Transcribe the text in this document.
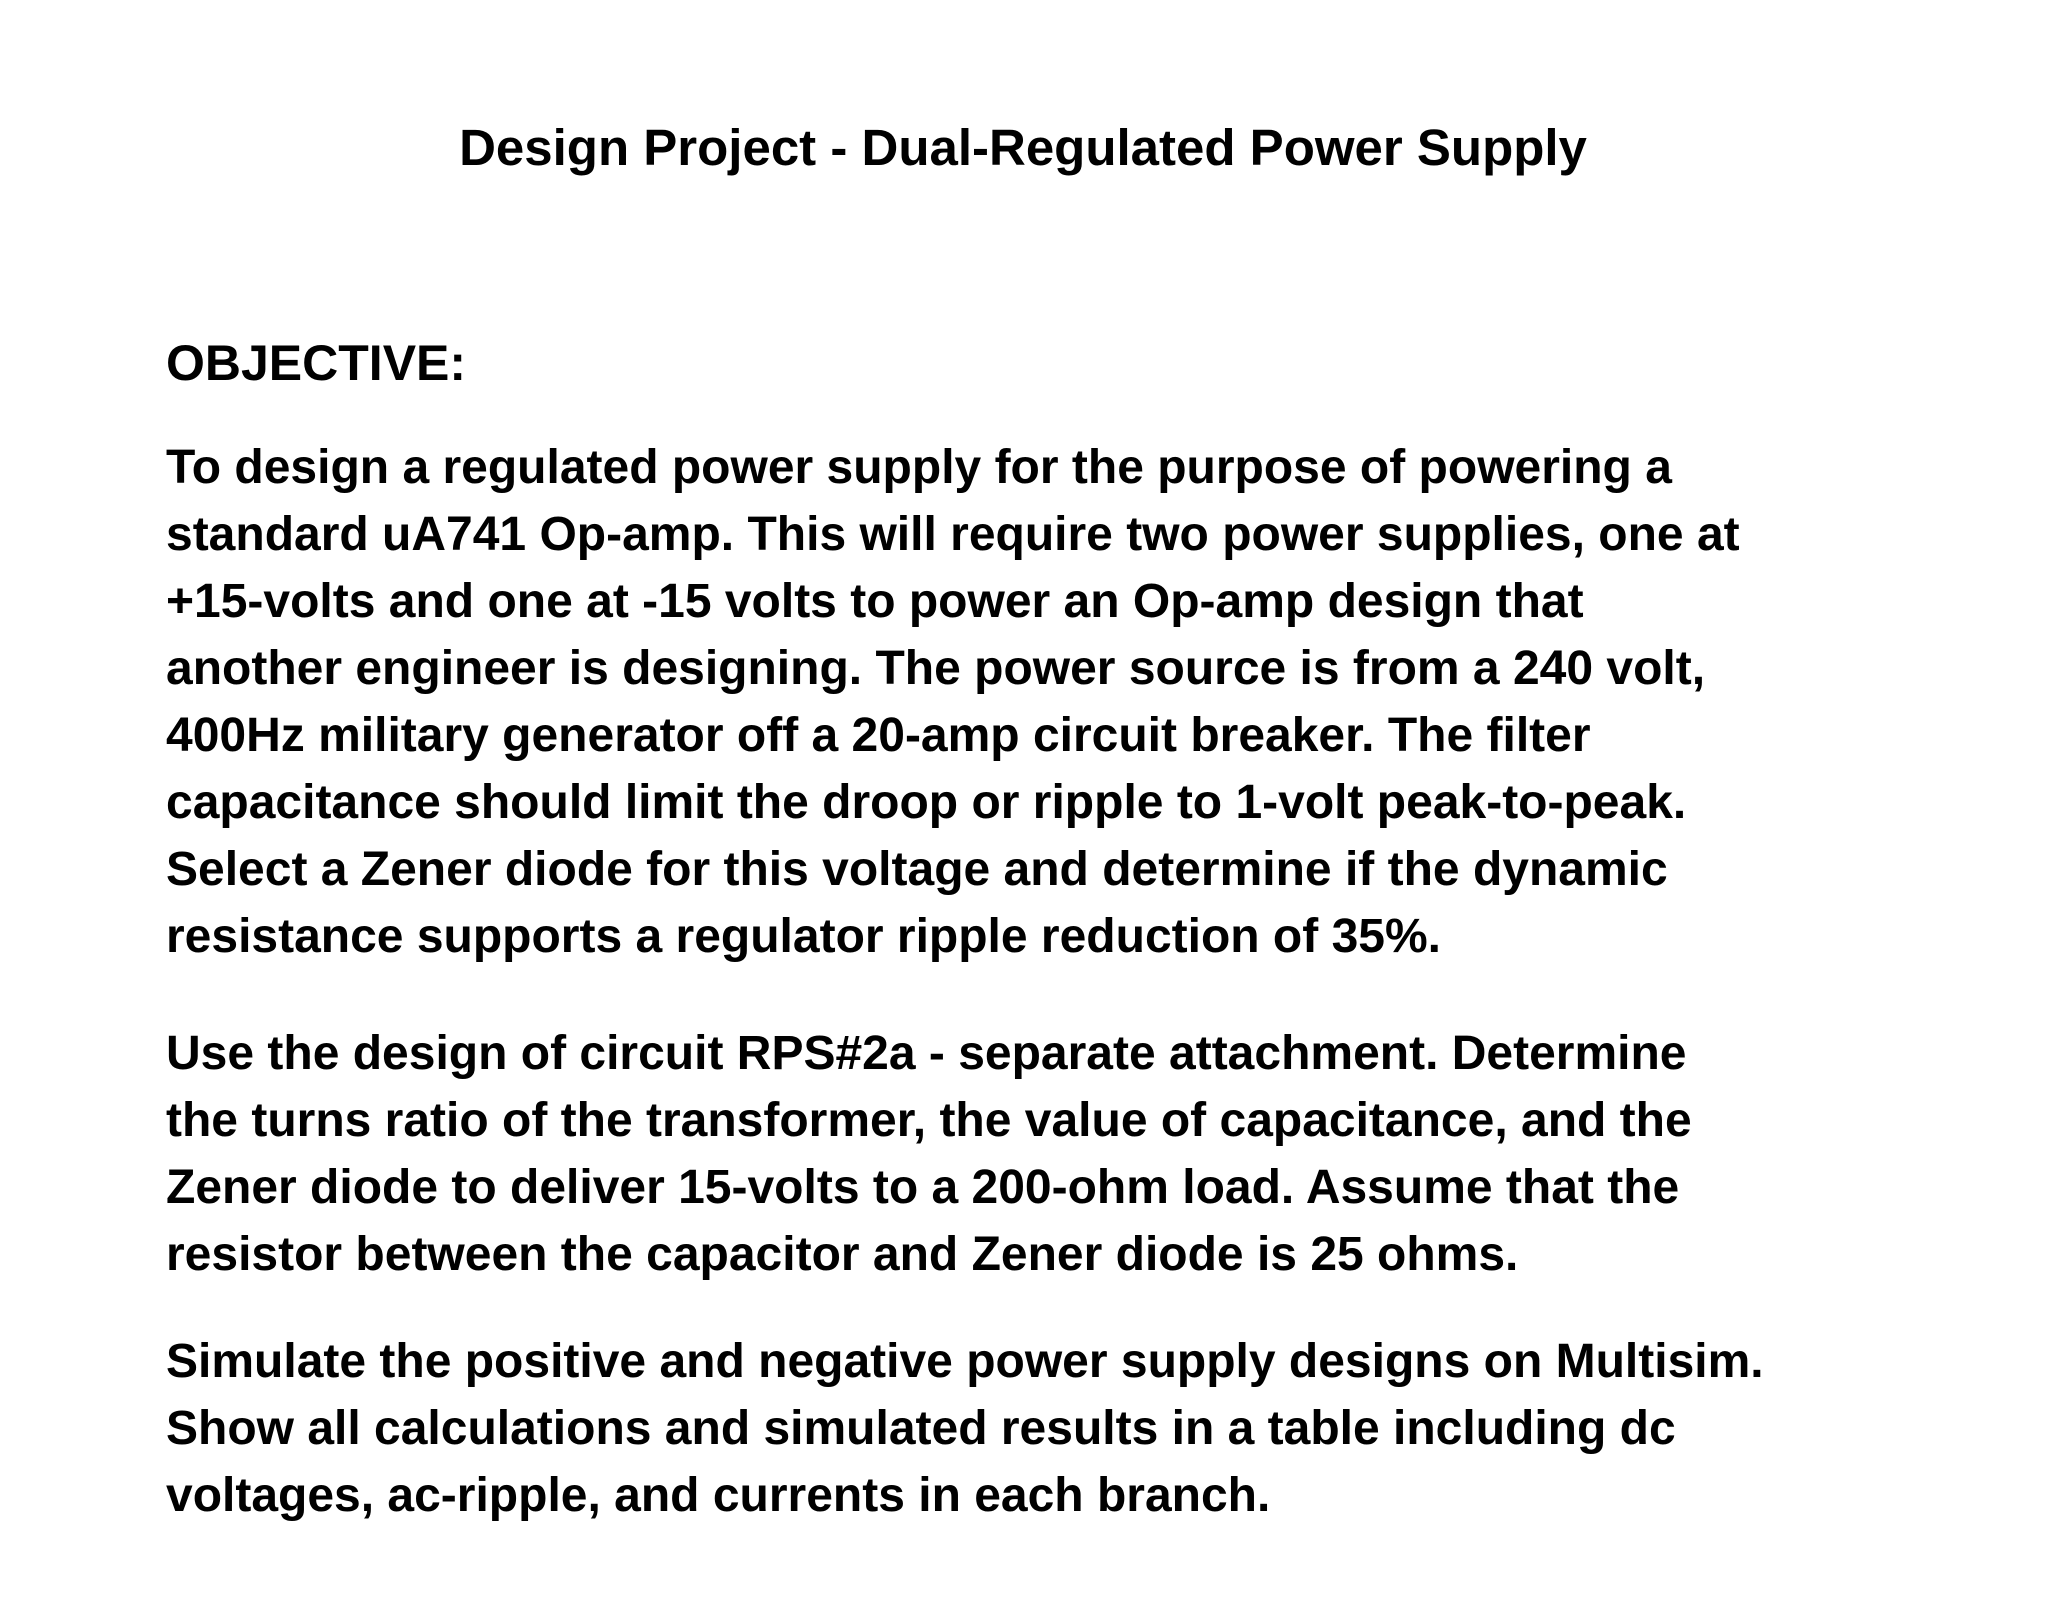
Design Project - Dual-Regulated Power Supply
OBJECTIVE:

To design a regulated power supply for the purpose of powering a
standard uA741 Op-amp. This will require two power supplies, one at
+15-volts and one at -15 volts to power an Op-amp design that
another engineer is designing. The power source is from a 240 volt,
400Hz military generator off a 20-amp circuit breaker. The filter
capacitance should limit the droop or ripple to 1-volt peak-to-peak.
Select a Zener diode for this voltage and determine if the dynamic
resistance supports a regulator ripple reduction of 35%.

Use the design of circuit RPS#2a - separate attachment. Determine
the turns ratio of the transformer, the value of capacitance, and the
Zener diode to deliver 15-volts to a 200-ohm load. Assume that the
resistor between the capacitor and Zener diode is 25 ohms.

Simulate the positive and negative power supply designs on Multisim.
Show all calculations and simulated results in a table including dc
voltages, ac-ripple, and currents in each branch.
